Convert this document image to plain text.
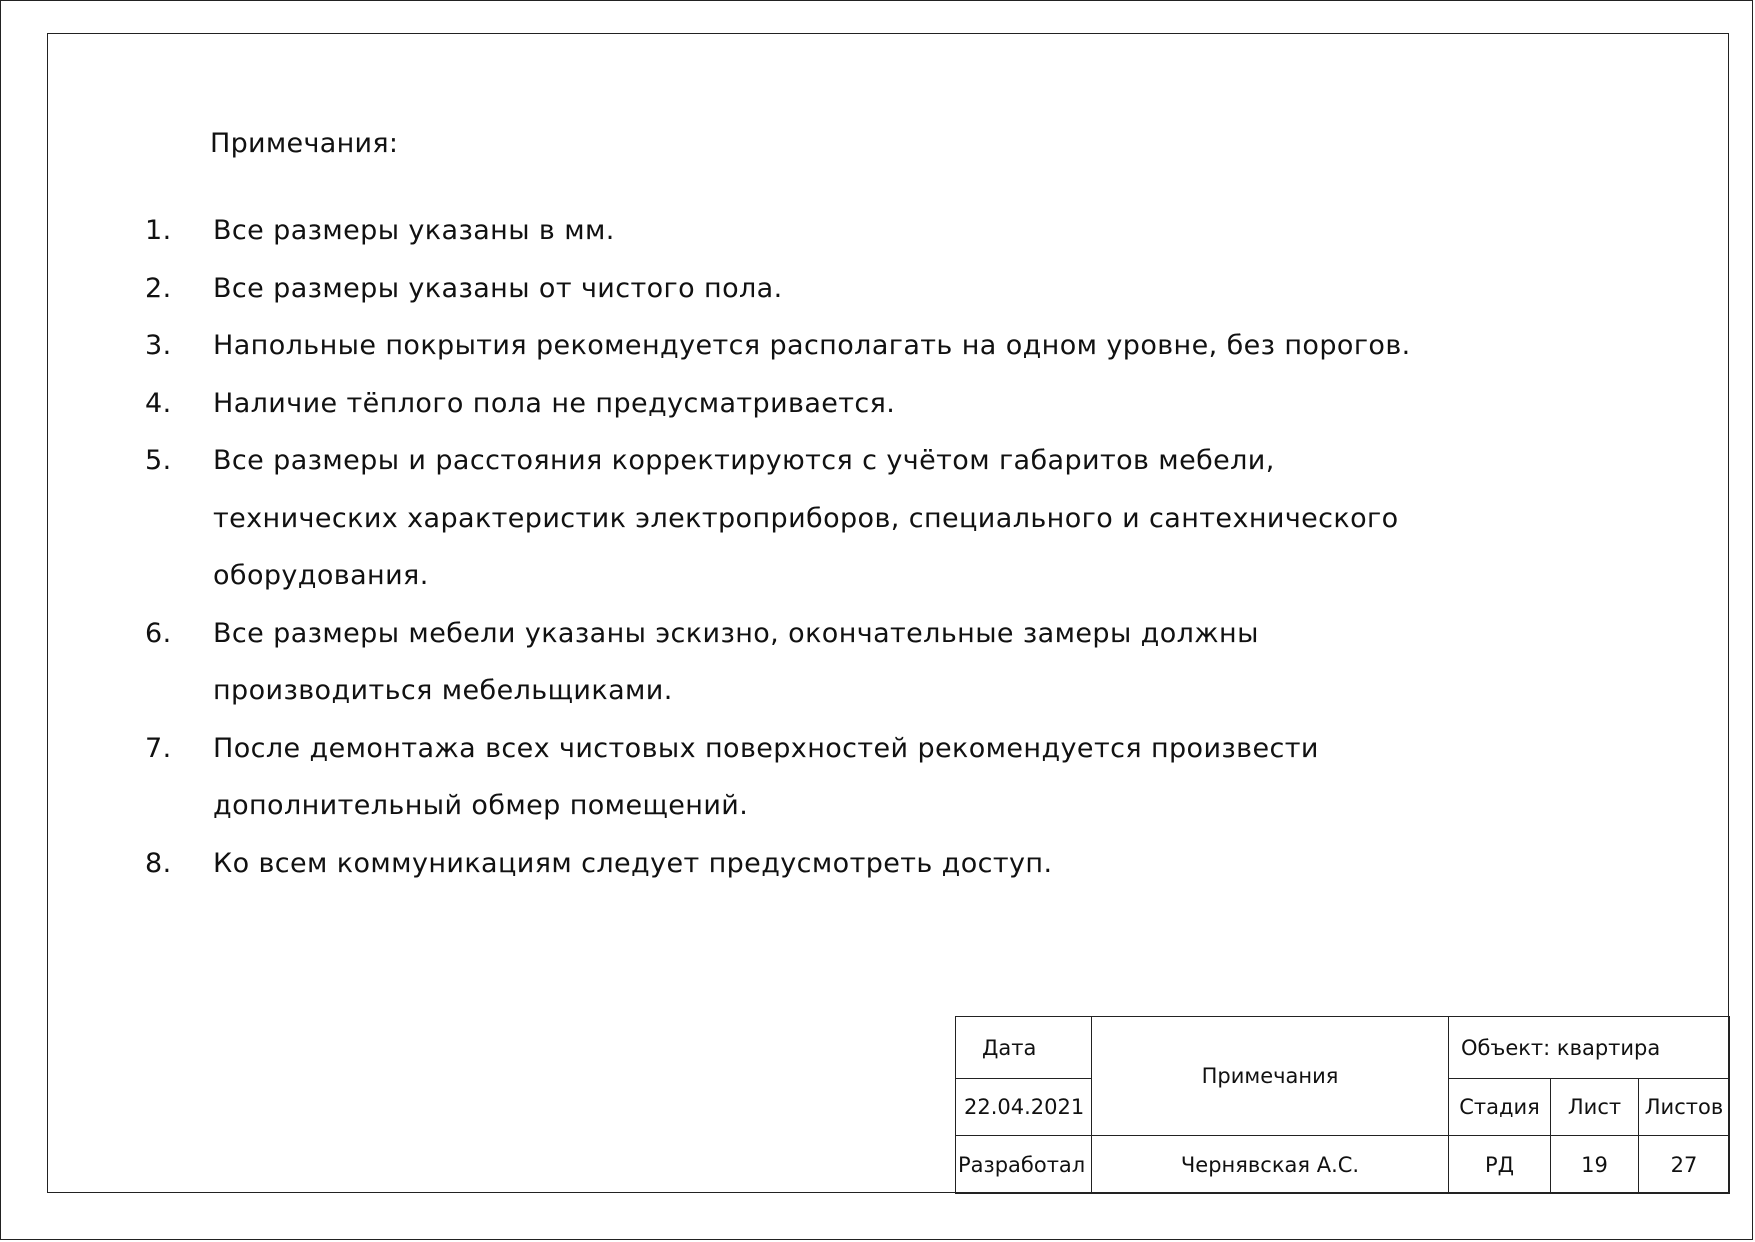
Примечания:
1.	Все размеры указаны в мм.
2.	Все размеры указаны от чистого пола.
3.	Напольные покрытия рекомендуется располагать на одном уровне, без порогов.
4.	Наличие тёплого пола не предусматривается.
5.	Все размеры и расстояния корректируются с учётом габаритов мебели, технических характеристик электроприборов, специального и сантехнического оборудования.
6.	Все размеры мебели указаны эскизно, окончательные замеры должны производиться мебельщиками.
7.	После демонтажа всех чистовых поверхностей рекомендуется произвести дополнительный обмер помещений.
8.	Ко всем коммуникациям следует предусмотреть доступ.
Дата	Примечания	Объект: квартира		
22.04.2021		Стадия	Лист	Листов
Разработал	Чернявская А.С.	РД	19	27
